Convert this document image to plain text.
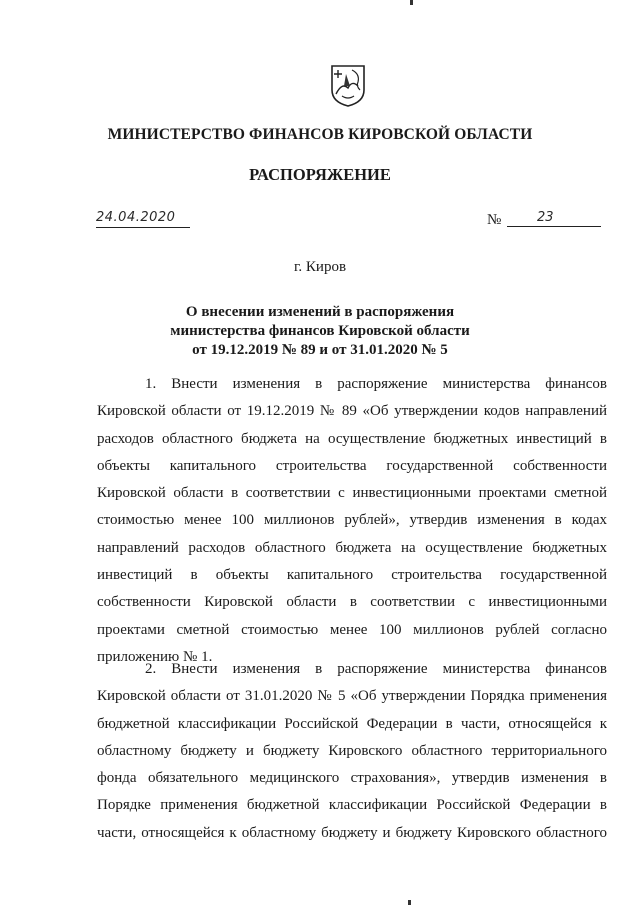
МИНИСТЕРСТВО ФИНАНСОВ КИРОВСКОЙ ОБЛАСТИ
РАСПОРЯЖЕНИЕ
24.04.2020	№	23
г. Киров
О внесении изменений в распоряжения
министерства финансов Кировской области
от 19.12.2019 № 89 и от 31.01.2020 № 5
1. Внести изменения в распоряжение министерства финансов
Кировской области от 19.12.2019 № 89 «Об утверждении кодов направлений
расходов областного бюджета на осуществление бюджетных инвестиций в
объекты капитального строительства государственной собственности
Кировской области в соответствии с инвестиционными проектами сметной
стоимостью менее 100 миллионов рублей», утвердив изменения в кодах
направлений расходов областного бюджета на осуществление бюджетных
инвестиций в объекты капитального строительства государственной
собственности Кировской области в соответствии с инвестиционными
проектами сметной стоимостью менее 100 миллионов рублей согласно
приложению № 1.
2. Внести изменения в распоряжение министерства финансов
Кировской области от 31.01.2020 № 5 «Об утверждении Порядка применения
бюджетной классификации Российской Федерации в части, относящейся к
областному бюджету и бюджету Кировского областного территориального
фонда обязательного медицинского страхования», утвердив изменения в
Порядке применения бюджетной классификации Российской Федерации в
части, относящейся к областному бюджету и бюджету Кировского областного
